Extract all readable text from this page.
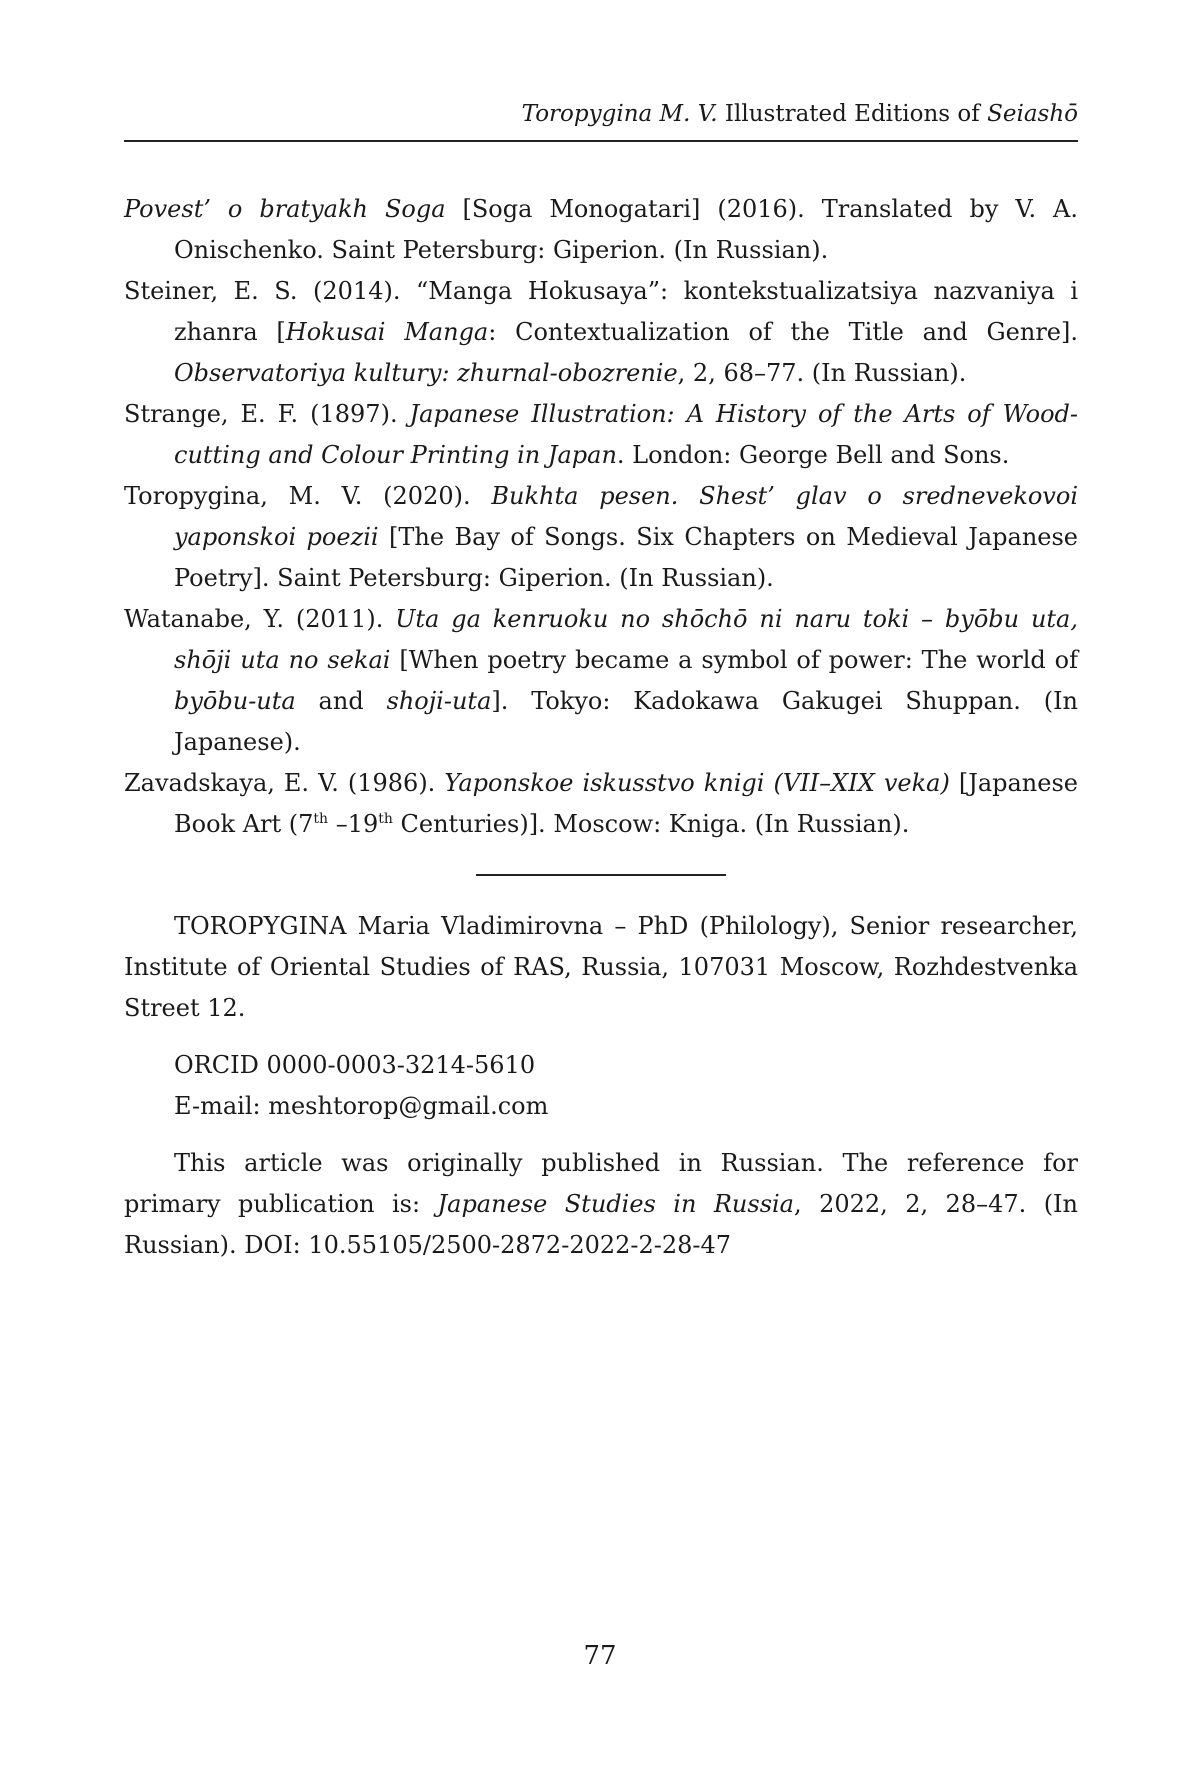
Toropygina M. V. Illustrated Editions of Seiashō
Povest’ o bratyakh Soga [Soga Monogatari] (2016). Translated by V. A. Onischenko. Saint Petersburg: Giperion. (In Russian).
Steiner, E. S. (2014). “Manga Hokusaya”: kontekstualizatsiya nazvaniya i zhanra [Hokusai Manga: Contextualization of the Title and Genre]. Observatoriya kultury: zhurnal-obozrenie, 2, 68–77. (In Russian).
Strange, E. F. (1897). Japanese Illustration: A History of the Arts of Wood-cutting and Colour Printing in Japan. London: George Bell and Sons.
Toropygina, M. V. (2020). Bukhta pesen. Shest’ glav o srednevekovoi yaponskoi poezii [The Bay of Songs. Six Chapters on Medieval Japanese Poetry]. Saint Petersburg: Giperion. (In Russian).
Watanabe, Y. (2011). Uta ga kenruoku no shōchō ni naru toki – byōbu uta, shōji uta no sekai [When poetry became a symbol of power: The world of byōbu-uta and shoji-uta]. Tokyo: Kadokawa Gakugei Shuppan. (In Japanese).
Zavadskaya, E. V. (1986). Yaponskoe iskusstvo knigi (VII–XIX veka) [Japanese Book Art (7th –19th Centuries)]. Moscow: Kniga. (In Russian).

TOROPYGINA Maria Vladimirovna – PhD (Philology), Senior researcher, Institute of Oriental Studies of RAS, Russia, 107031 Moscow, Rozhdestvenka Street 12.

ORCID 0000-0003-3214-5610
E-mail: meshtorop@gmail.com

This article was originally published in Russian. The reference for primary publication is: Japanese Studies in Russia, 2022, 2, 28–47. (In Russian). DOI: 10.55105/2500-2872-2022-2-28-47

77
